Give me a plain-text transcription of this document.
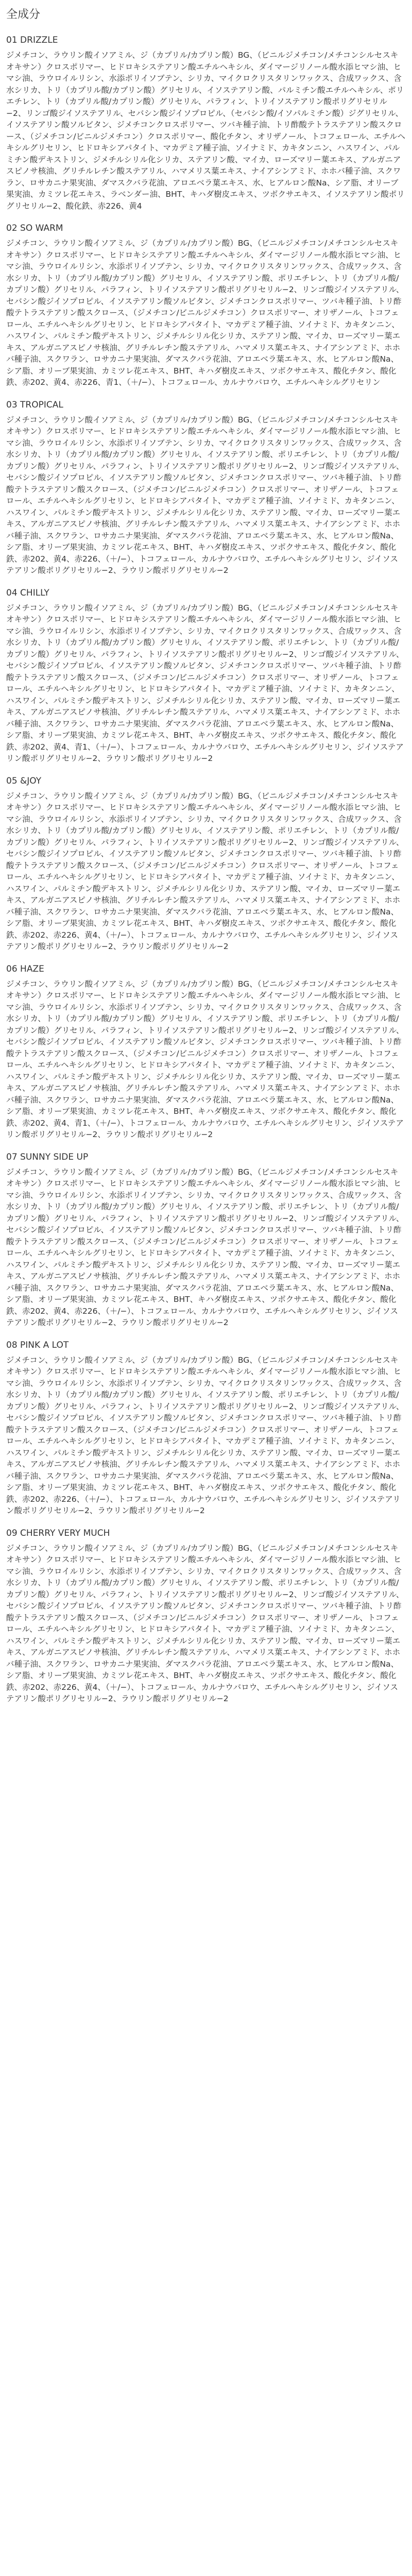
全成分
01 DRIZZLE

ジメチコン、ラウリン酸イソアミル、ジ（カプリル/カプリン酸）BG、（ビニルジメチコン/メチコンシルセスキオキサン）クロスポリマー、ヒドロキシステアリン酸エチルヘキシル、ダイマージリノール酸水添ヒマシ油、ヒマシ油、ラウロイルリシン、水添ポリイソブテン、シリカ、マイクロクリスタリンワックス、合成ワックス、含水シリカ、トリ（カプリル酸/カプリン酸）グリセリル、イソステアリン酸、パルミチン酸エチルヘキシル、ポリエチレン、トリ（カプリル酸/カプリン酸）グリセリル、パラフィン、トリイソステアリン酸ポリグリセリル−2、リンゴ酸ジイソステアリル、セバシン酸ジイソプロピル、（セバシン酸/イソパルミチン酸）ジグリセリル、イソステアリン酸ソルビタン、ジメチコンクロスポリマー、ツバキ種子油、トリ酢酸テトラステアリン酸スクロース、（ジメチコン/ビニルジメチコン）クロスポリマー、酸化チタン、オリザノール、トコフェロール、エチルヘキシルグリセリン、ヒドロキシアパタイト、マカデミア種子油、ソイナミド、カキタンニン、ハスワイン、パルミチン酸デキストリン、ジメチルシリル化シリカ、ステアリン酸、マイカ、ローズマリー葉エキス、アルガニアスピノサ核油、グリチルレチン酸ステアリル、ハマメリス葉エキス、ナイアシンアミド、ホホバ種子油、スクワラン、ロサカニナ果実油、ダマスクバラ花油、アロエベラ葉エキス、水、ヒアルロン酸Na、シア脂、オリーブ果実油、カミツレ花エキス、ラベンダー油、BHT、キハダ樹皮エキス、ツボクサエキス、イソステアリン酸ポリグリセリル−2、酸化鉄、赤226、黄4

02 SO WARM

ジメチコン、ラウリン酸イソアミル、ジ（カプリル/カプリン酸）BG、（ビニルジメチコン/メチコンシルセスキオキサン）クロスポリマー、ヒドロキシステアリン酸エチルヘキシル、ダイマージリノール酸水添ヒマシ油、ヒマシ油、ラウロイルリシン、水添ポリイソブテン、シリカ、マイクロクリスタリンワックス、合成ワックス、含水シリカ、トリ（カプリル酸/カプリン酸）グリセリル、イソステアリン酸、ポリエチレン、トリ（カプリル酸/カプリン酸）グリセリル、パラフィン、トリイソステアリン酸ポリグリセリル−2、リンゴ酸ジイソステアリル、セバシン酸ジイソプロピル、イソステアリン酸ソルビタン、ジメチコンクロスポリマー、ツバキ種子油、トリ酢酸テトラステアリン酸スクロース、（ジメチコン/ビニルジメチコン）クロスポリマー、オリザノール、トコフェロール、エチルヘキシルグリセリン、ヒドロキシアパタイト、マカデミア種子油、ソイナミド、カキタンニン、ハスワイン、パルミチン酸デキストリン、ジメチルシリル化シリカ、ステアリン酸、マイカ、ローズマリー葉エキス、アルガニアスピノサ核油、グリチルレチン酸ステアリル、ハマメリス葉エキス、ナイアシンアミド、ホホバ種子油、スクワラン、ロサカニナ果実油、ダマスクバラ花油、アロエベラ葉エキス、水、ヒアルロン酸Na、シア脂、オリーブ果実油、カミツレ花エキス、BHT、キハダ樹皮エキス、ツボクサエキス、酸化チタン、酸化鉄、赤202、黄4、赤226、青1、（＋/−）、トコフェロール、カルナウバロウ、エチルヘキシルグリセリン

03 TROPICAL

ジメチコン、ラウリン酸イソアミル、ジ（カプリル/カプリン酸）BG、（ビニルジメチコン/メチコンシルセスキオキサン）クロスポリマー、ヒドロキシステアリン酸エチルヘキシル、ダイマージリノール酸水添ヒマシ油、ヒマシ油、ラウロイルリシン、水添ポリイソブテン、シリカ、マイクロクリスタリンワックス、合成ワックス、含水シリカ、トリ（カプリル酸/カプリン酸）グリセリル、イソステアリン酸、ポリエチレン、トリ（カプリル酸/カプリン酸）グリセリル、パラフィン、トリイソステアリン酸ポリグリセリル−2、リンゴ酸ジイソステアリル、セバシン酸ジイソプロピル、イソステアリン酸ソルビタン、ジメチコンクロスポリマー、ツバキ種子油、トリ酢酸テトラステアリン酸スクロース、（ジメチコン/ビニルジメチコン）クロスポリマー、オリザノール、トコフェロール、エチルヘキシルグリセリン、ヒドロキシアパタイト、マカデミア種子油、ソイナミド、カキタンニン、ハスワイン、パルミチン酸デキストリン、ジメチルシリル化シリカ、ステアリン酸、マイカ、ローズマリー葉エキス、アルガニアスピノサ核油、グリチルレチン酸ステアリル、ハマメリス葉エキス、ナイアシンアミド、ホホバ種子油、スクワラン、ロサカニナ果実油、ダマスクバラ花油、アロエベラ葉エキス、水、ヒアルロン酸Na、シア脂、オリーブ果実油、カミツレ花エキス、BHT、キハダ樹皮エキス、ツボクサエキス、酸化チタン、酸化鉄、赤202、黄4、赤226、（＋/−）、トコフェロール、カルナウバロウ、エチルヘキシルグリセリン、ジイソステアリン酸ポリグリセリル−2、ラウリン酸ポリグリセリル−2

04 CHILLY

ジメチコン、ラウリン酸イソアミル、ジ（カプリル/カプリン酸）BG、（ビニルジメチコン/メチコンシルセスキオキサン）クロスポリマー、ヒドロキシステアリン酸エチルヘキシル、ダイマージリノール酸水添ヒマシ油、ヒマシ油、ラウロイルリシン、水添ポリイソブテン、シリカ、マイクロクリスタリンワックス、合成ワックス、含水シリカ、トリ（カプリル酸/カプリン酸）グリセリル、イソステアリン酸、ポリエチレン、トリ（カプリル酸/カプリン酸）グリセリル、パラフィン、トリイソステアリン酸ポリグリセリル−2、リンゴ酸ジイソステアリル、セバシン酸ジイソプロピル、イソステアリン酸ソルビタン、ジメチコンクロスポリマー、ツバキ種子油、トリ酢酸テトラステアリン酸スクロース、（ジメチコン/ビニルジメチコン）クロスポリマー、オリザノール、トコフェロール、エチルヘキシルグリセリン、ヒドロキシアパタイト、マカデミア種子油、ソイナミド、カキタンニン、ハスワイン、パルミチン酸デキストリン、ジメチルシリル化シリカ、ステアリン酸、マイカ、ローズマリー葉エキス、アルガニアスピノサ核油、グリチルレチン酸ステアリル、ハマメリス葉エキス、ナイアシンアミド、ホホバ種子油、スクワラン、ロサカニナ果実油、ダマスクバラ花油、アロエベラ葉エキス、水、ヒアルロン酸Na、シア脂、オリーブ果実油、カミツレ花エキス、BHT、キハダ樹皮エキス、ツボクサエキス、酸化チタン、酸化鉄、赤202、黄4、青1、（＋/−）、トコフェロール、カルナウバロウ、エチルヘキシルグリセリン、ジイソステアリン酸ポリグリセリル−2、ラウリン酸ポリグリセリル−2

05 &JOY

ジメチコン、ラウリン酸イソアミル、ジ（カプリル/カプリン酸）BG、（ビニルジメチコン/メチコンシルセスキオキサン）クロスポリマー、ヒドロキシステアリン酸エチルヘキシル、ダイマージリノール酸水添ヒマシ油、ヒマシ油、ラウロイルリシン、水添ポリイソブテン、シリカ、マイクロクリスタリンワックス、合成ワックス、含水シリカ、トリ（カプリル酸/カプリン酸）グリセリル、イソステアリン酸、ポリエチレン、トリ（カプリル酸/カプリン酸）グリセリル、パラフィン、トリイソステアリン酸ポリグリセリル−2、リンゴ酸ジイソステアリル、セバシン酸ジイソプロピル、イソステアリン酸ソルビタン、ジメチコンクロスポリマー、ツバキ種子油、トリ酢酸テトラステアリン酸スクロース、（ジメチコン/ビニルジメチコン）クロスポリマー、オリザノール、トコフェロール、エチルヘキシルグリセリン、ヒドロキシアパタイト、マカデミア種子油、ソイナミド、カキタンニン、ハスワイン、パルミチン酸デキストリン、ジメチルシリル化シリカ、ステアリン酸、マイカ、ローズマリー葉エキス、アルガニアスピノサ核油、グリチルレチン酸ステアリル、ハマメリス葉エキス、ナイアシンアミド、ホホバ種子油、スクワラン、ロサカニナ果実油、ダマスクバラ花油、アロエベラ葉エキス、水、ヒアルロン酸Na、シア脂、オリーブ果実油、カミツレ花エキス、BHT、キハダ樹皮エキス、ツボクサエキス、酸化チタン、酸化鉄、赤202、赤226、黄4、（＋/−）、トコフェロール、カルナウバロウ、エチルヘキシルグリセリン、ジイソステアリン酸ポリグリセリル−2、ラウリン酸ポリグリセリル−2

06 HAZE

ジメチコン、ラウリン酸イソアミル、ジ（カプリル/カプリン酸）BG、（ビニルジメチコン/メチコンシルセスキオキサン）クロスポリマー、ヒドロキシステアリン酸エチルヘキシル、ダイマージリノール酸水添ヒマシ油、ヒマシ油、ラウロイルリシン、水添ポリイソブテン、シリカ、マイクロクリスタリンワックス、合成ワックス、含水シリカ、トリ（カプリル酸/カプリン酸）グリセリル、イソステアリン酸、ポリエチレン、トリ（カプリル酸/カプリン酸）グリセリル、パラフィン、トリイソステアリン酸ポリグリセリル−2、リンゴ酸ジイソステアリル、セバシン酸ジイソプロピル、イソステアリン酸ソルビタン、ジメチコンクロスポリマー、ツバキ種子油、トリ酢酸テトラステアリン酸スクロース、（ジメチコン/ビニルジメチコン）クロスポリマー、オリザノール、トコフェロール、エチルヘキシルグリセリン、ヒドロキシアパタイト、マカデミア種子油、ソイナミド、カキタンニン、ハスワイン、パルミチン酸デキストリン、ジメチルシリル化シリカ、ステアリン酸、マイカ、ローズマリー葉エキス、アルガニアスピノサ核油、グリチルレチン酸ステアリル、ハマメリス葉エキス、ナイアシンアミド、ホホバ種子油、スクワラン、ロサカニナ果実油、ダマスクバラ花油、アロエベラ葉エキス、水、ヒアルロン酸Na、シア脂、オリーブ果実油、カミツレ花エキス、BHT、キハダ樹皮エキス、ツボクサエキス、酸化チタン、酸化鉄、赤202、黄4、青1、（＋/−）、トコフェロール、カルナウバロウ、エチルヘキシルグリセリン、ジイソステアリン酸ポリグリセリル−2、ラウリン酸ポリグリセリル−2

07 SUNNY SIDE UP

ジメチコン、ラウリン酸イソアミル、ジ（カプリル/カプリン酸）BG、（ビニルジメチコン/メチコンシルセスキオキサン）クロスポリマー、ヒドロキシステアリン酸エチルヘキシル、ダイマージリノール酸水添ヒマシ油、ヒマシ油、ラウロイルリシン、水添ポリイソブテン、シリカ、マイクロクリスタリンワックス、合成ワックス、含水シリカ、トリ（カプリル酸/カプリン酸）グリセリル、イソステアリン酸、ポリエチレン、トリ（カプリル酸/カプリン酸）グリセリル、パラフィン、トリイソステアリン酸ポリグリセリル−2、リンゴ酸ジイソステアリル、セバシン酸ジイソプロピル、イソステアリン酸ソルビタン、ジメチコンクロスポリマー、ツバキ種子油、トリ酢酸テトラステアリン酸スクロース、（ジメチコン/ビニルジメチコン）クロスポリマー、オリザノール、トコフェロール、エチルヘキシルグリセリン、ヒドロキシアパタイト、マカデミア種子油、ソイナミド、カキタンニン、ハスワイン、パルミチン酸デキストリン、ジメチルシリル化シリカ、ステアリン酸、マイカ、ローズマリー葉エキス、アルガニアスピノサ核油、グリチルレチン酸ステアリル、ハマメリス葉エキス、ナイアシンアミド、ホホバ種子油、スクワラン、ロサカニナ果実油、ダマスクバラ花油、アロエベラ葉エキス、水、ヒアルロン酸Na、シア脂、オリーブ果実油、カミツレ花エキス、BHT、キハダ樹皮エキス、ツボクサエキス、酸化チタン、酸化鉄、赤202、黄4、赤226、（＋/−）、トコフェロール、カルナウバロウ、エチルヘキシルグリセリン、ジイソステアリン酸ポリグリセリル−2、ラウリン酸ポリグリセリル−2

08 PINK A LOT

ジメチコン、ラウリン酸イソアミル、ジ（カプリル/カプリン酸）BG、（ビニルジメチコン/メチコンシルセスキオキサン）クロスポリマー、ヒドロキシステアリン酸エチルヘキシル、ダイマージリノール酸水添ヒマシ油、ヒマシ油、ラウロイルリシン、水添ポリイソブテン、シリカ、マイクロクリスタリンワックス、合成ワックス、含水シリカ、トリ（カプリル酸/カプリン酸）グリセリル、イソステアリン酸、ポリエチレン、トリ（カプリル酸/カプリン酸）グリセリル、パラフィン、トリイソステアリン酸ポリグリセリル−2、リンゴ酸ジイソステアリル、セバシン酸ジイソプロピル、イソステアリン酸ソルビタン、ジメチコンクロスポリマー、ツバキ種子油、トリ酢酸テトラステアリン酸スクロース、（ジメチコン/ビニルジメチコン）クロスポリマー、オリザノール、トコフェロール、エチルヘキシルグリセリン、ヒドロキシアパタイト、マカデミア種子油、ソイナミド、カキタンニン、ハスワイン、パルミチン酸デキストリン、ジメチルシリル化シリカ、ステアリン酸、マイカ、ローズマリー葉エキス、アルガニアスピノサ核油、グリチルレチン酸ステアリル、ハマメリス葉エキス、ナイアシンアミド、ホホバ種子油、スクワラン、ロサカニナ果実油、ダマスクバラ花油、アロエベラ葉エキス、水、ヒアルロン酸Na、シア脂、オリーブ果実油、カミツレ花エキス、BHT、キハダ樹皮エキス、ツボクサエキス、酸化チタン、酸化鉄、赤202、赤226、（＋/−）、トコフェロール、カルナウバロウ、エチルヘキシルグリセリン、ジイソステアリン酸ポリグリセリル−2、ラウリン酸ポリグリセリル−2

09 CHERRY VERY MUCH

ジメチコン、ラウリン酸イソアミル、ジ（カプリル/カプリン酸）BG、（ビニルジメチコン/メチコンシルセスキオキサン）クロスポリマー、ヒドロキシステアリン酸エチルヘキシル、ダイマージリノール酸水添ヒマシ油、ヒマシ油、ラウロイルリシン、水添ポリイソブテン、シリカ、マイクロクリスタリンワックス、合成ワックス、含水シリカ、トリ（カプリル酸/カプリン酸）グリセリル、イソステアリン酸、ポリエチレン、トリ（カプリル酸/カプリン酸）グリセリル、パラフィン、トリイソステアリン酸ポリグリセリル−2、リンゴ酸ジイソステアリル、セバシン酸ジイソプロピル、イソステアリン酸ソルビタン、ジメチコンクロスポリマー、ツバキ種子油、トリ酢酸テトラステアリン酸スクロース、（ジメチコン/ビニルジメチコン）クロスポリマー、オリザノール、トコフェロール、エチルヘキシルグリセリン、ヒドロキシアパタイト、マカデミア種子油、ソイナミド、カキタンニン、ハスワイン、パルミチン酸デキストリン、ジメチルシリル化シリカ、ステアリン酸、マイカ、ローズマリー葉エキス、アルガニアスピノサ核油、グリチルレチン酸ステアリル、ハマメリス葉エキス、ナイアシンアミド、ホホバ種子油、スクワラン、ロサカニナ果実油、ダマスクバラ花油、アロエベラ葉エキス、水、ヒアルロン酸Na、シア脂、オリーブ果実油、カミツレ花エキス、BHT、キハダ樹皮エキス、ツボクサエキス、酸化チタン、酸化鉄、赤202、赤226、黄4、（＋/−）、トコフェロール、カルナウバロウ、エチルヘキシルグリセリン、ジイソステアリン酸ポリグリセリル−2、ラウリン酸ポリグリセリル−2
